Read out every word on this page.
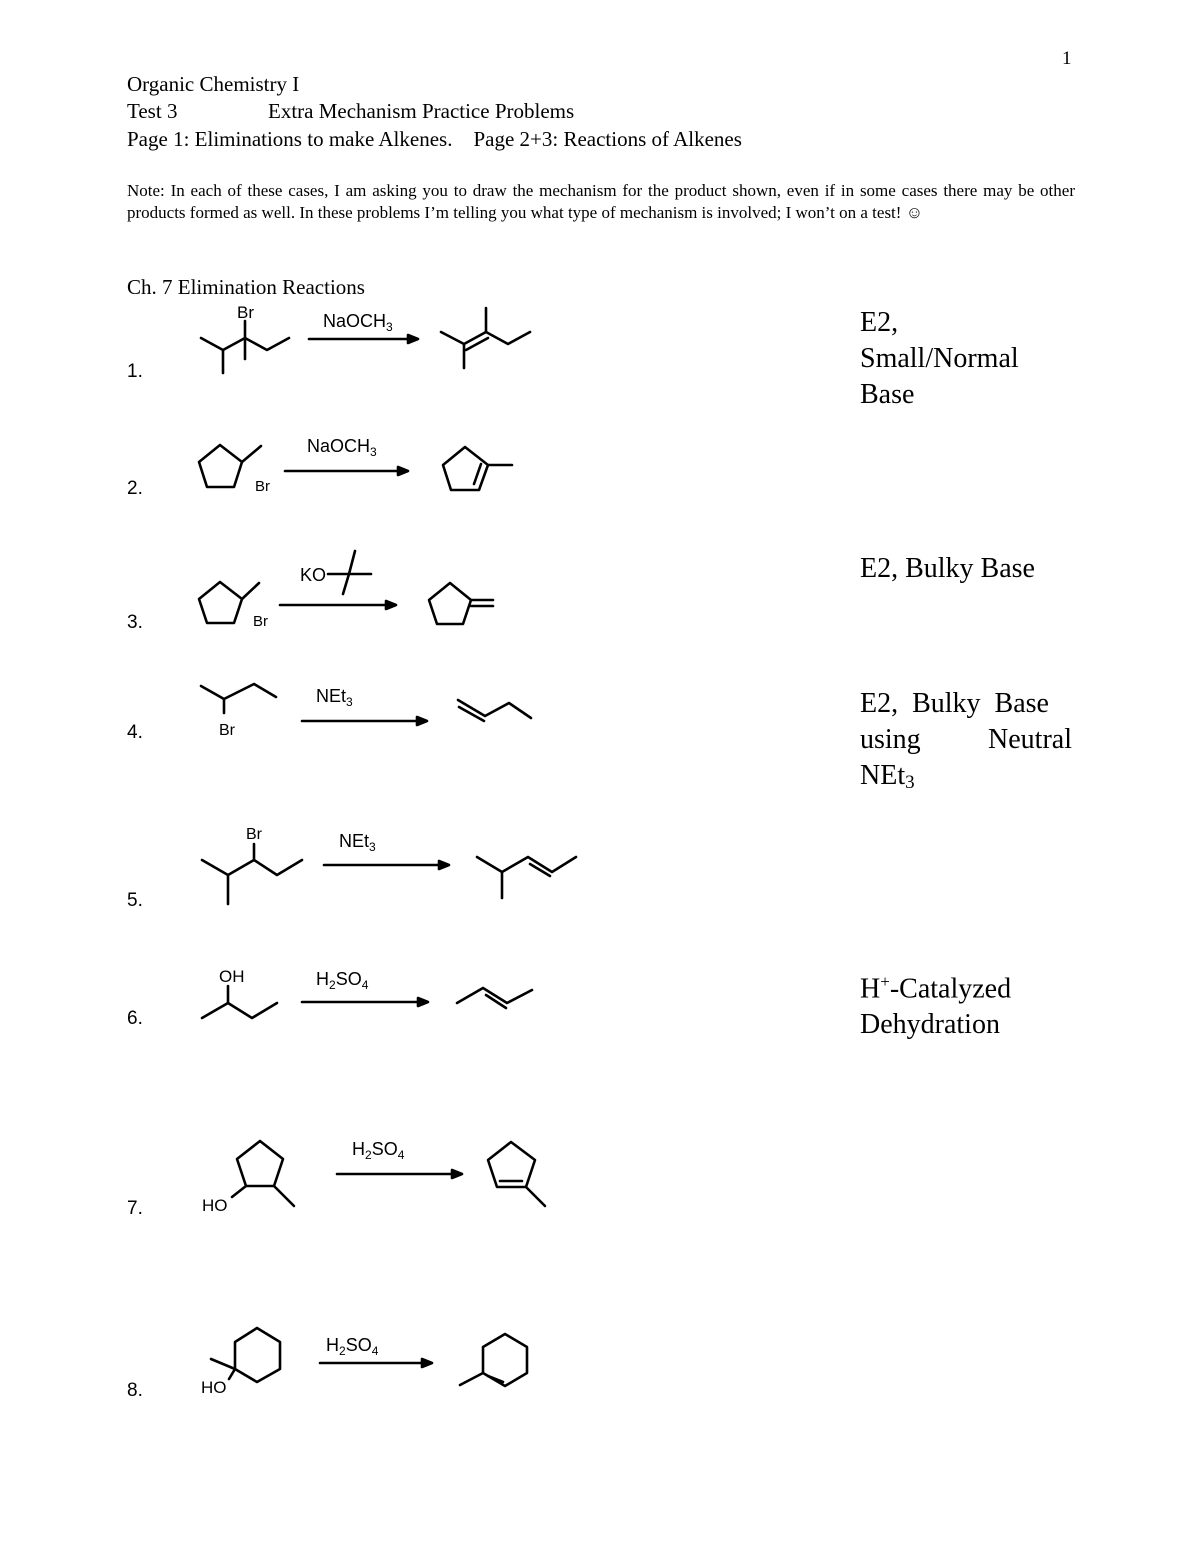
1
Organic Chemistry I
Test 3	Extra Mechanism Practice Problems
Page 1: Eliminations to make Alkenes.    Page 2+3: Reactions of Alkenes
Note: In each of these cases, I am asking you to draw the mechanism for the product shown, even if in some cases there may be other products formed as well. In these problems I’m telling you what type of mechanism is involved; I won’t on a test! ☺
Ch. 7 Elimination Reactions
1.
2.
3.
4.
5.
6.
7.
8.
E2,
Small/Normal
Base
E2, Bulky Base
E2,  Bulky  Base
using Neutral
NEt3
H+-Catalyzed
Dehydration
Br	NaOCH$_3$
Br
NaOCH$_3$
Br
KO
Br
NEt$_3$
Br	NEt$_3$
OH	$H_2SO_4$
HO
$H_2SO_4$
HO
$H_2SO_4$
